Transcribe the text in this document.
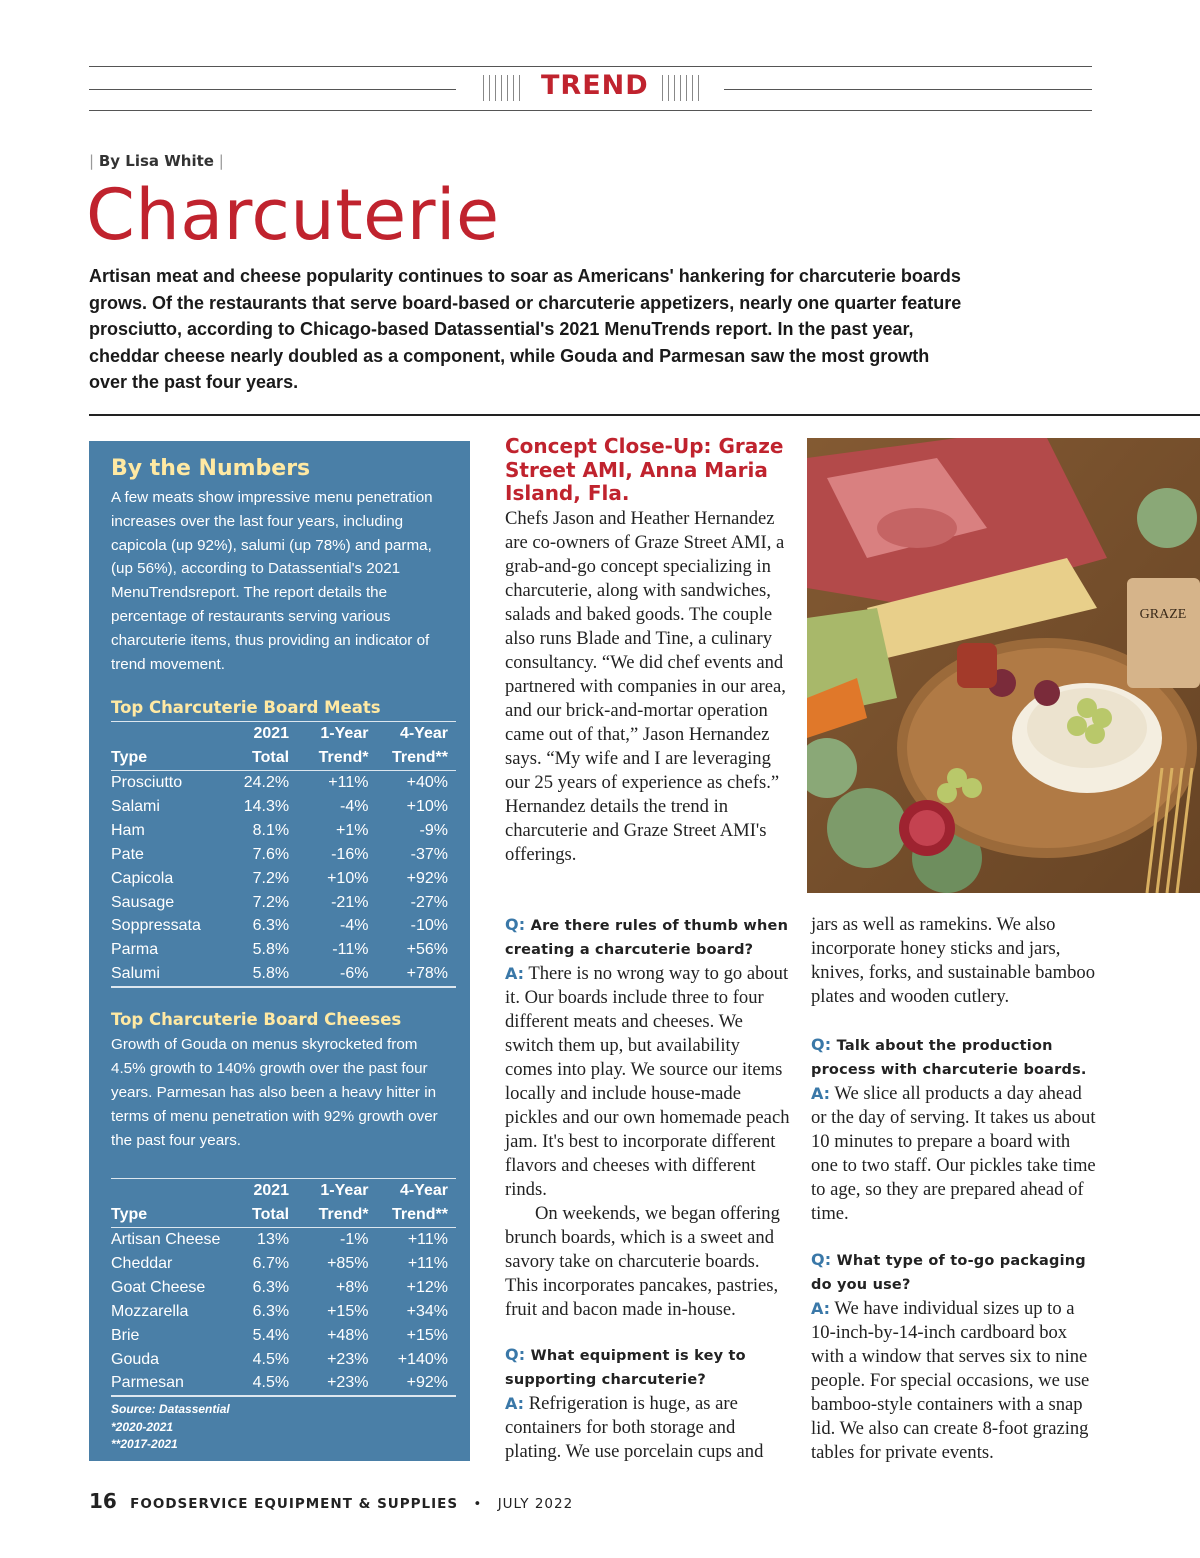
TREND
| By Lisa White |
Charcuterie
Artisan meat and cheese popularity continues to soar as Americans' hankering for charcuterie boards grows. Of the restaurants that serve board-based or charcuterie appetizers, nearly one quarter feature prosciutto, according to Chicago-based Datassential's 2021 MenuTrends report. In the past year, cheddar cheese nearly doubled as a component, while Gouda and Parmesan saw the most growth over the past four years.
By the Numbers
A few meats show impressive menu penetration increases over the last four years, including capicola (up 92%), salumi (up 78%) and parma, (up 56%), according to Datassential's 2021 MenuTrendsreport. The report details the percentage of restaurants serving various charcuterie items, thus providing an indicator of trend movement.
Top Charcuterie Board Meats
	2021	1-Year	4-Year
Type	Total	Trend*	Trend**
Prosciutto	24.2%	+11%	+40%
Salami	14.3%	-4%	+10%
Ham	8.1%	+1%	-9%
Pate	7.6%	-16%	-37%
Capicola	7.2%	+10%	+92%
Sausage	7.2%	-21%	-27%
Soppressata	6.3%	-4%	-10%
Parma	5.8%	-11%	+56%
Salumi	5.8%	-6%	+78%
Top Charcuterie Board Cheeses
Growth of Gouda on menus skyrocketed from 4.5% growth to 140% growth over the past four years. Parmesan has also been a heavy hitter in terms of menu penetration with 92% growth over the past four years.
	2021	1-Year	4-Year
Type	Total	Trend*	Trend**
Artisan Cheese	13%	-1%	+11%
Cheddar	6.7%	+85%	+11%
Goat Cheese	6.3%	+8%	+12%
Mozzarella	6.3%	+15%	+34%
Brie	5.4%	+48%	+15%
Gouda	4.5%	+23%	+140%
Parmesan	4.5%	+23%	+92%
Source: Datassential
*2020-2021
**2017-2021
Concept Close-Up: Graze Street AMI, Anna Maria Island, Fla.
Chefs Jason and Heather Hernandez are co-owners of Graze Street AMI, a grab-and-go concept specializing in charcuterie, along with sandwiches, salads and baked goods. The couple also runs Blade and Tine, a culinary consultancy. “We did chef events and partnered with companies in our area, and our brick-and-mortar operation came out of that,” Jason Hernandez says. “My wife and I are leveraging our 25 years of experience as chefs.” Hernandez details the trend in charcuterie and Graze Street AMI's offerings.
Q: Are there rules of thumb when creating a charcuterie board?
A: There is no wrong way to go about it. Our boards include three to four different meats and cheeses. We switch them up, but availability comes into play. We source our items locally and include house-made pickles and our own homemade peach jam. It's best to incorporate different flavors and cheeses with different rinds.
On weekends, we began offering brunch boards, which is a sweet and savory take on charcuterie boards. This incorporates pancakes, pastries, fruit and bacon made in-house.
Q: What equipment is key to supporting charcuterie?
A: Refrigeration is huge, as are containers for both storage and plating. We use porcelain cups and
GRAZE
jars as well as ramekins. We also incorporate honey sticks and jars, knives, forks, and sustainable bamboo plates and wooden cutlery.
Q: Talk about the production process with charcuterie boards.
A: We slice all products a day ahead or the day of serving. It takes us about 10 minutes to prepare a board with one to two staff. Our pickles take time to age, so they are prepared ahead of time.
Q: What type of to-go packaging do you use?
A: We have individual sizes up to a 10-inch-by-14-inch cardboard box with a window that serves six to nine people. For special occasions, we use bamboo-style containers with a snap lid. We also can create 8-foot grazing tables for private events.
16 FOODSERVICE EQUIPMENT & SUPPLIES • JULY 2022
